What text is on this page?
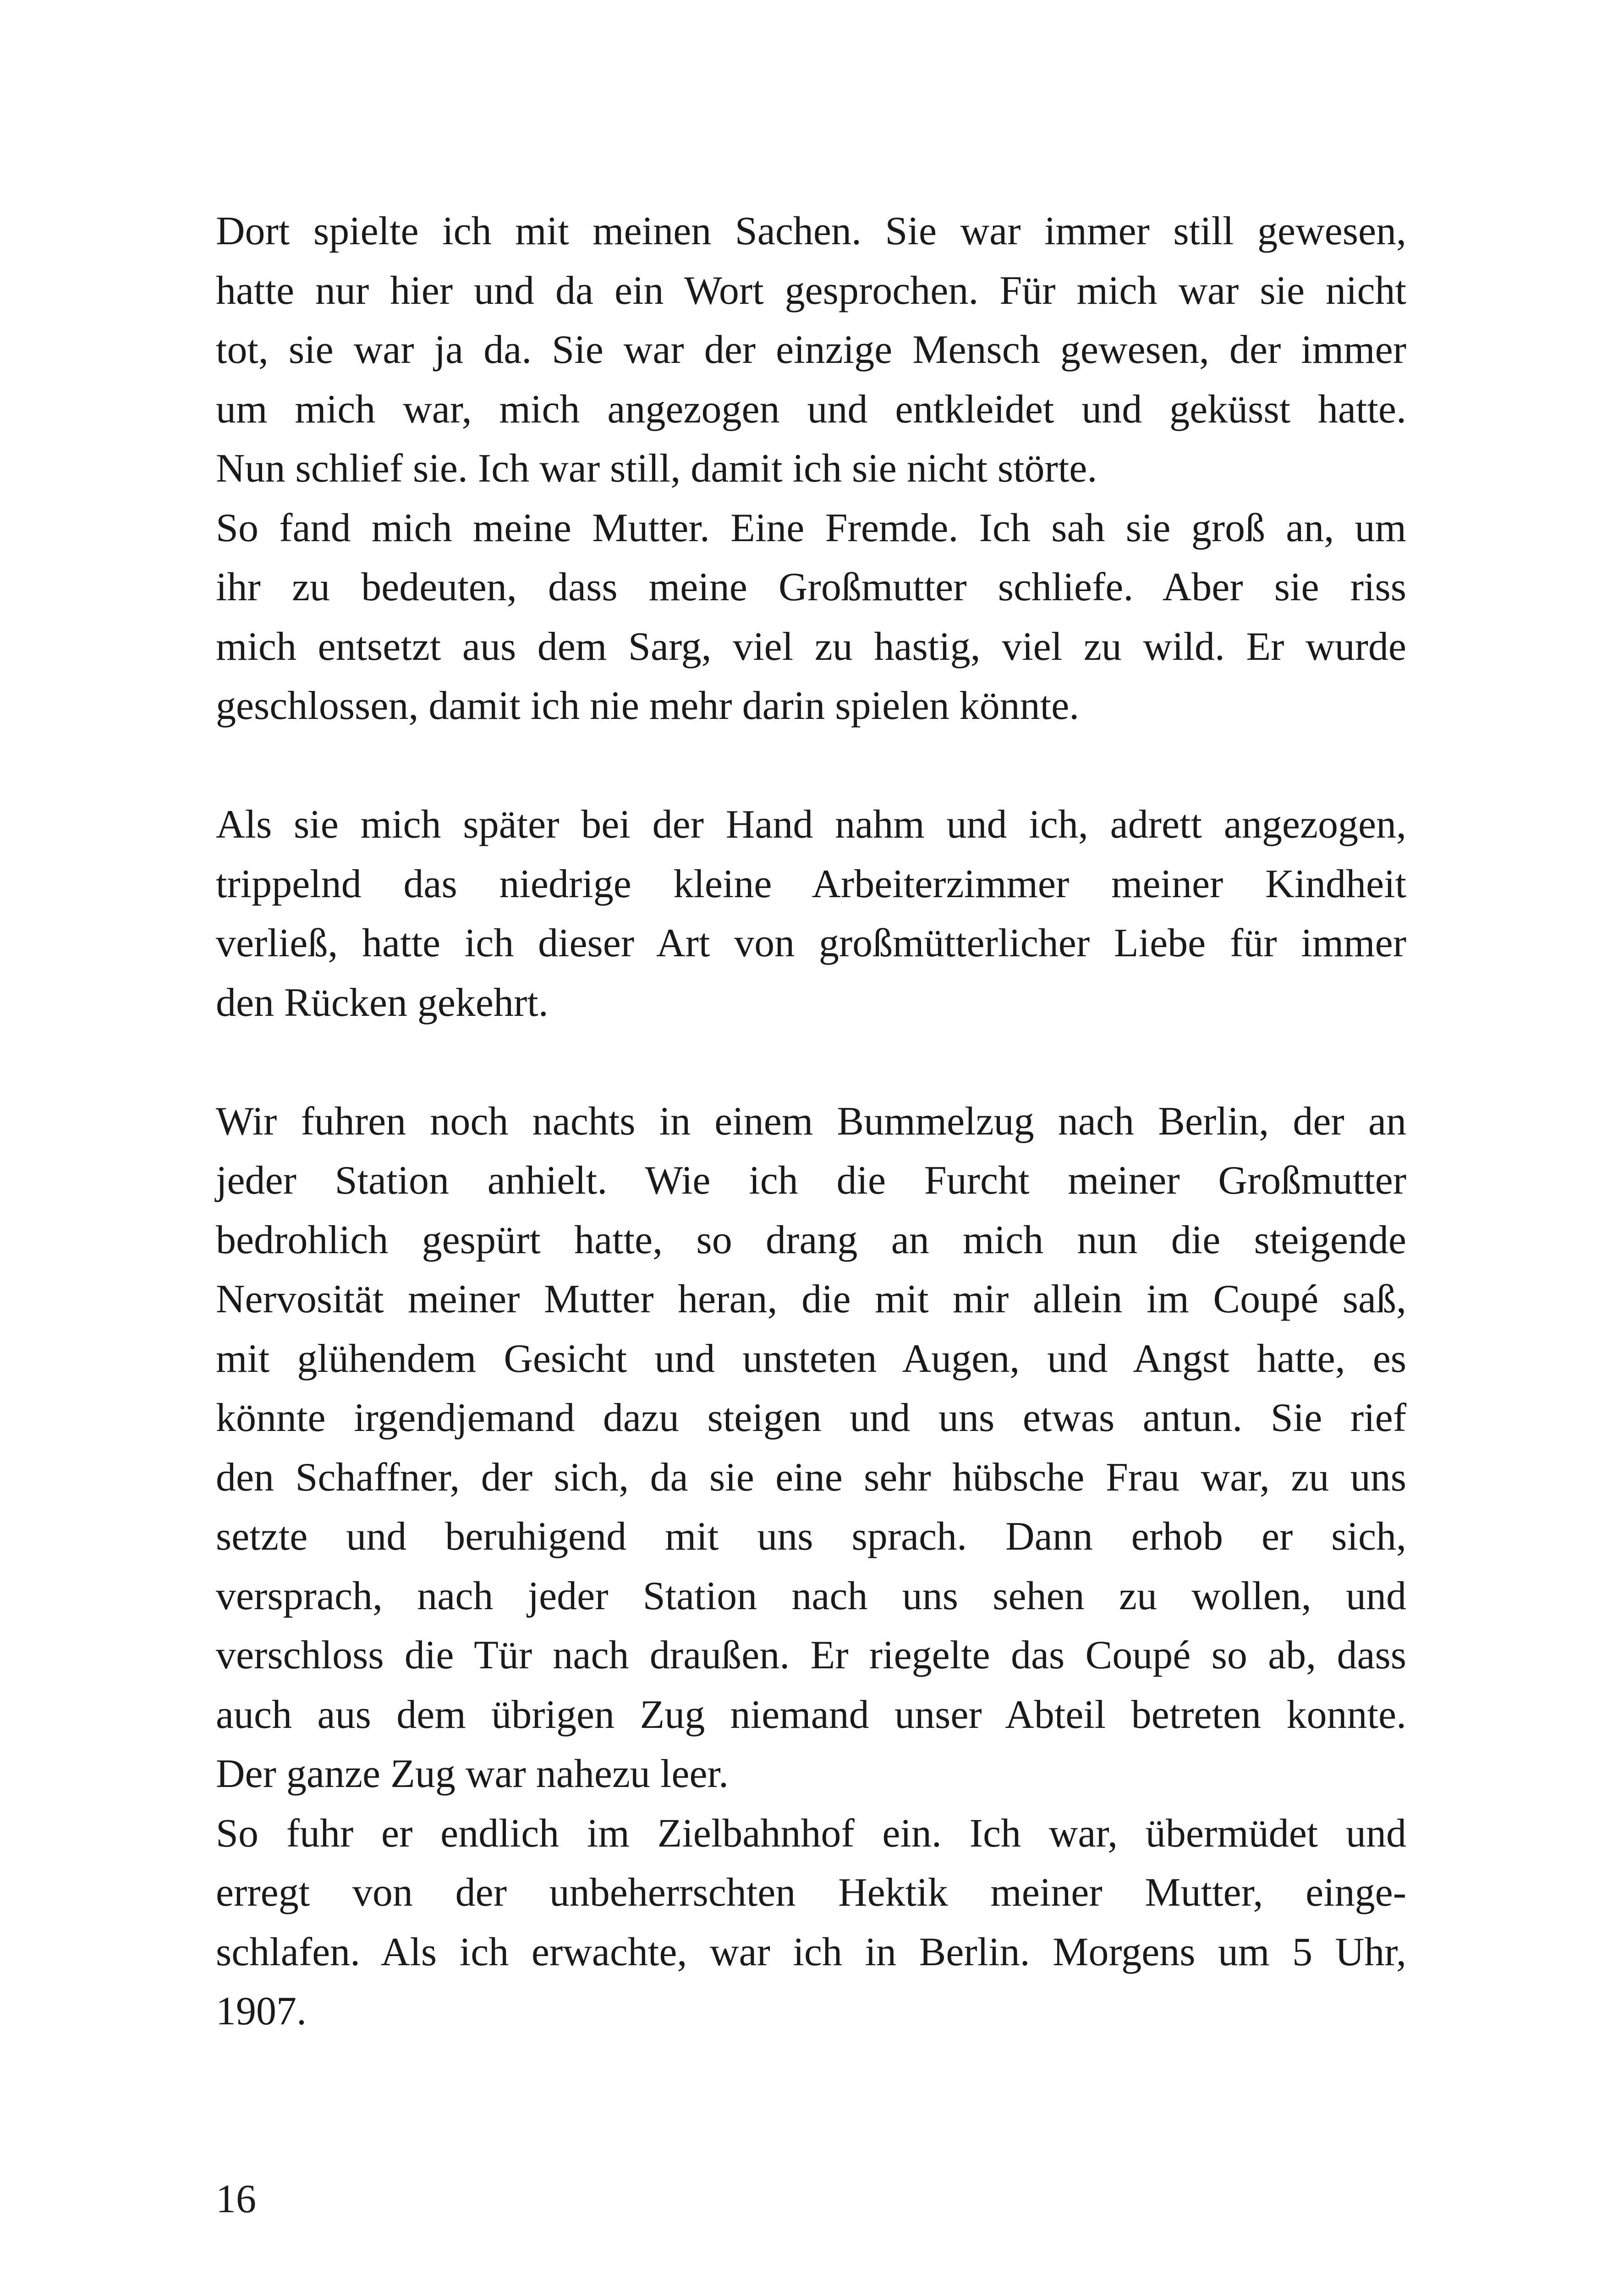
Dort spielte ich mit meinen Sachen. Sie war immer still gewesen,
hatte nur hier und da ein Wort gesprochen. Für mich war sie nicht
tot, sie war ja da. Sie war der einzige Mensch gewesen, der immer
um mich war, mich angezogen und entkleidet und geküsst hatte.
Nun schlief sie. Ich war still, damit ich sie nicht störte.
So fand mich meine Mutter. Eine Fremde. Ich sah sie groß an, um
ihr zu bedeuten, dass meine Großmutter schliefe. Aber sie riss
mich entsetzt aus dem Sarg, viel zu hastig, viel zu wild. Er wurde
geschlossen, damit ich nie mehr darin spielen könnte.
Als sie mich später bei der Hand nahm und ich, adrett angezogen,
trippelnd das niedrige kleine Arbeiterzimmer meiner Kindheit
verließ, hatte ich dieser Art von großmütterlicher Liebe für immer
den Rücken gekehrt.
Wir fuhren noch nachts in einem Bummelzug nach Berlin, der an
jeder Station anhielt. Wie ich die Furcht meiner Großmutter
bedrohlich gespürt hatte, so drang an mich nun die steigende
Nervosität meiner Mutter heran, die mit mir allein im Coupé saß,
mit glühendem Gesicht und unsteten Augen, und Angst hatte, es
könnte irgendjemand dazu steigen und uns etwas antun. Sie rief
den Schaffner, der sich, da sie eine sehr hübsche Frau war, zu uns
setzte und beruhigend mit uns sprach. Dann erhob er sich,
versprach, nach jeder Station nach uns sehen zu wollen, und
verschloss die Tür nach draußen. Er riegelte das Coupé so ab, dass
auch aus dem übrigen Zug niemand unser Abteil betreten konnte.
Der ganze Zug war nahezu leer.
So fuhr er endlich im Zielbahnhof ein. Ich war, übermüdet und
erregt von der unbeherrschten Hektik meiner Mutter, einge-
schlafen. Als ich erwachte, war ich in Berlin. Morgens um 5 Uhr,
1907.
16
